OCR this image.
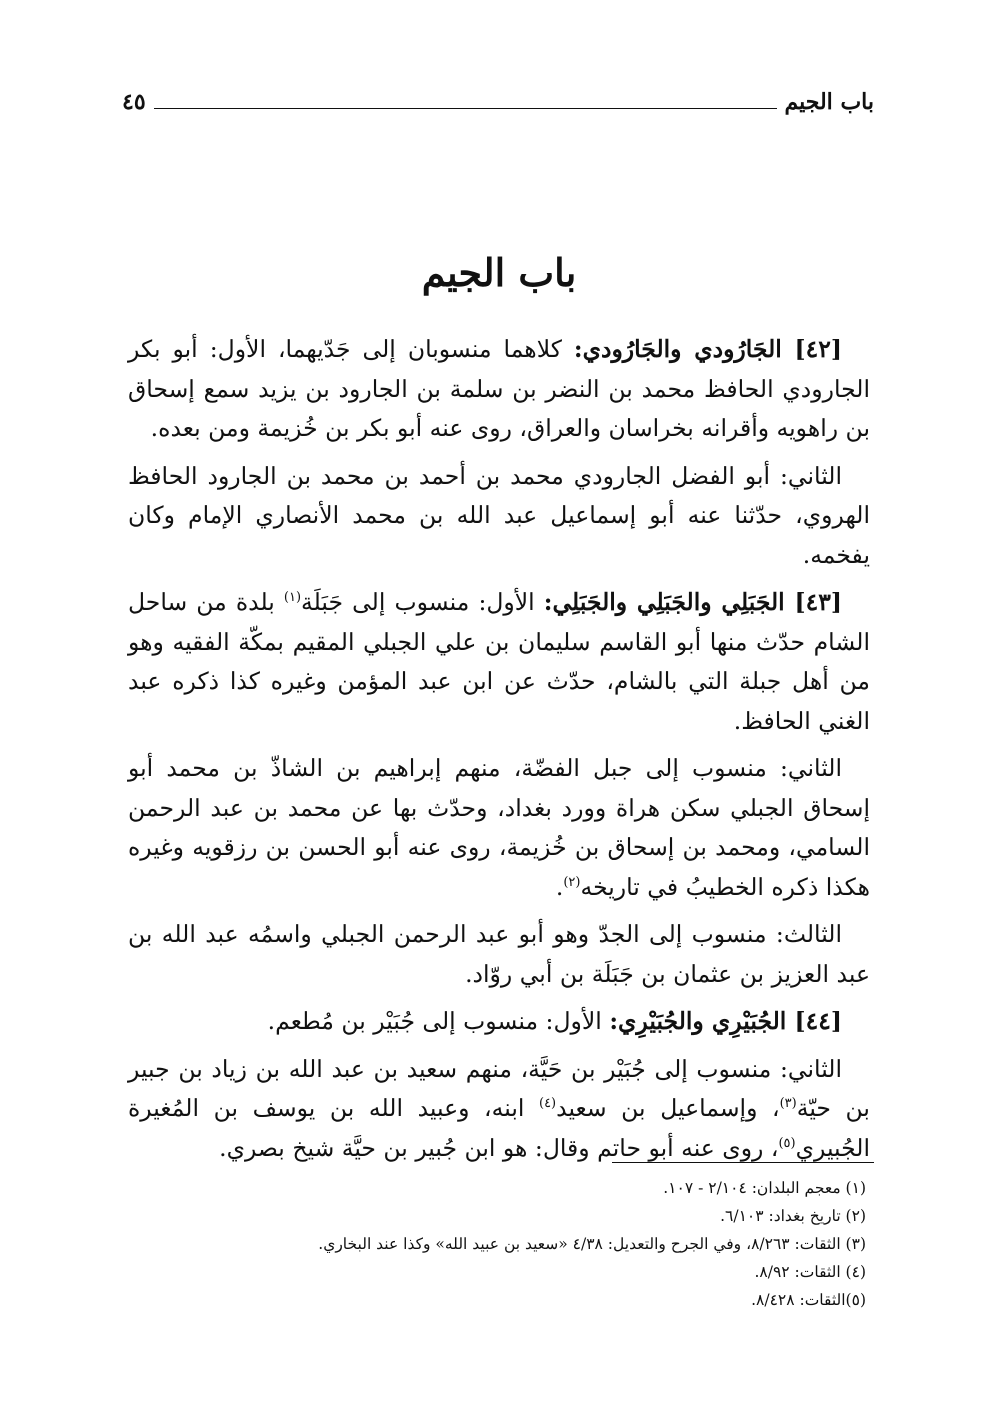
باب الجيم
٤٥
باب الجيم

[٤٢] الجَارُودي والجَارُودي: كلاهما منسوبان إلى جَدّيهما، الأول: أبو بكر الجارودي الحافظ محمد بن النضر بن سلمة بن الجارود بن يزيد سمع إسحاق بن راهويه وأقرانه بخراسان والعراق، روى عنه أبو بكر بن خُزيمة ومن بعده.

الثاني: أبو الفضل الجارودي محمد بن أحمد بن محمد بن الجارود الحافظ الهروي، حدّثنا عنه أبو إسماعيل عبد الله بن محمد الأنصاري الإمام وكان يفخمه.

[٤٣] الجَبَلِي والجَبَلِي والجَبَلِي: الأول: منسوب إلى جَبَلَة$^{(١)}$ بلدة من ساحل الشام حدّث منها أبو القاسم سليمان بن علي الجبلي المقيم بمكّة الفقيه وهو من أهل جبلة التي بالشام، حدّث عن ابن عبد المؤمن وغيره كذا ذكره عبد الغني الحافظ.

الثاني: منسوب إلى جبل الفضّة، منهم إبراهيم بن الشاذّ بن محمد أبو إسحاق الجبلي سكن هراة وورد بغداد، وحدّث بها عن محمد بن عبد الرحمن السامي، ومحمد بن إسحاق بن خُزيمة، روى عنه أبو الحسن بن رزقويه وغيره هكذا ذكره الخطيبُ في تاريخه$^{(٢)}$.

الثالث: منسوب إلى الجدّ وهو أبو عبد الرحمن الجبلي واسمُه عبد الله بن عبد العزيز بن عثمان بن جَبَلَة بن أبي روّاد.

[٤٤] الجُبَيْرِي والجُبَيْرِي: الأول: منسوب إلى جُبَيْر بن مُطعم.

الثاني: منسوب إلى جُبَيْر بن حَيَّة، منهم سعيد بن عبد الله بن زياد بن جبير بن حيّة$^{(٣)}$، وإسماعيل بن سعيد$^{(٤)}$ ابنه، وعبيد الله بن يوسف بن المُغيرة الجُبيري$^{(٥)}$، روى عنه أبو حاتم وقال: هو ابن جُبير بن حيَّة شيخ بصري.

(١) معجم البلدان: ٢/١٠٤ - ١٠٧.
(٢) تاريخ بغداد: ٦/١٠٣.
(٣) الثقات: ٨/٢٦٣، وفي الجرح والتعديل: ٤/٣٨ «سعيد بن عبيد الله» وكذا عند البخاري.
(٤) الثقات: ٨/٩٢.
(٥)الثقات: ٨/٤٢٨.
